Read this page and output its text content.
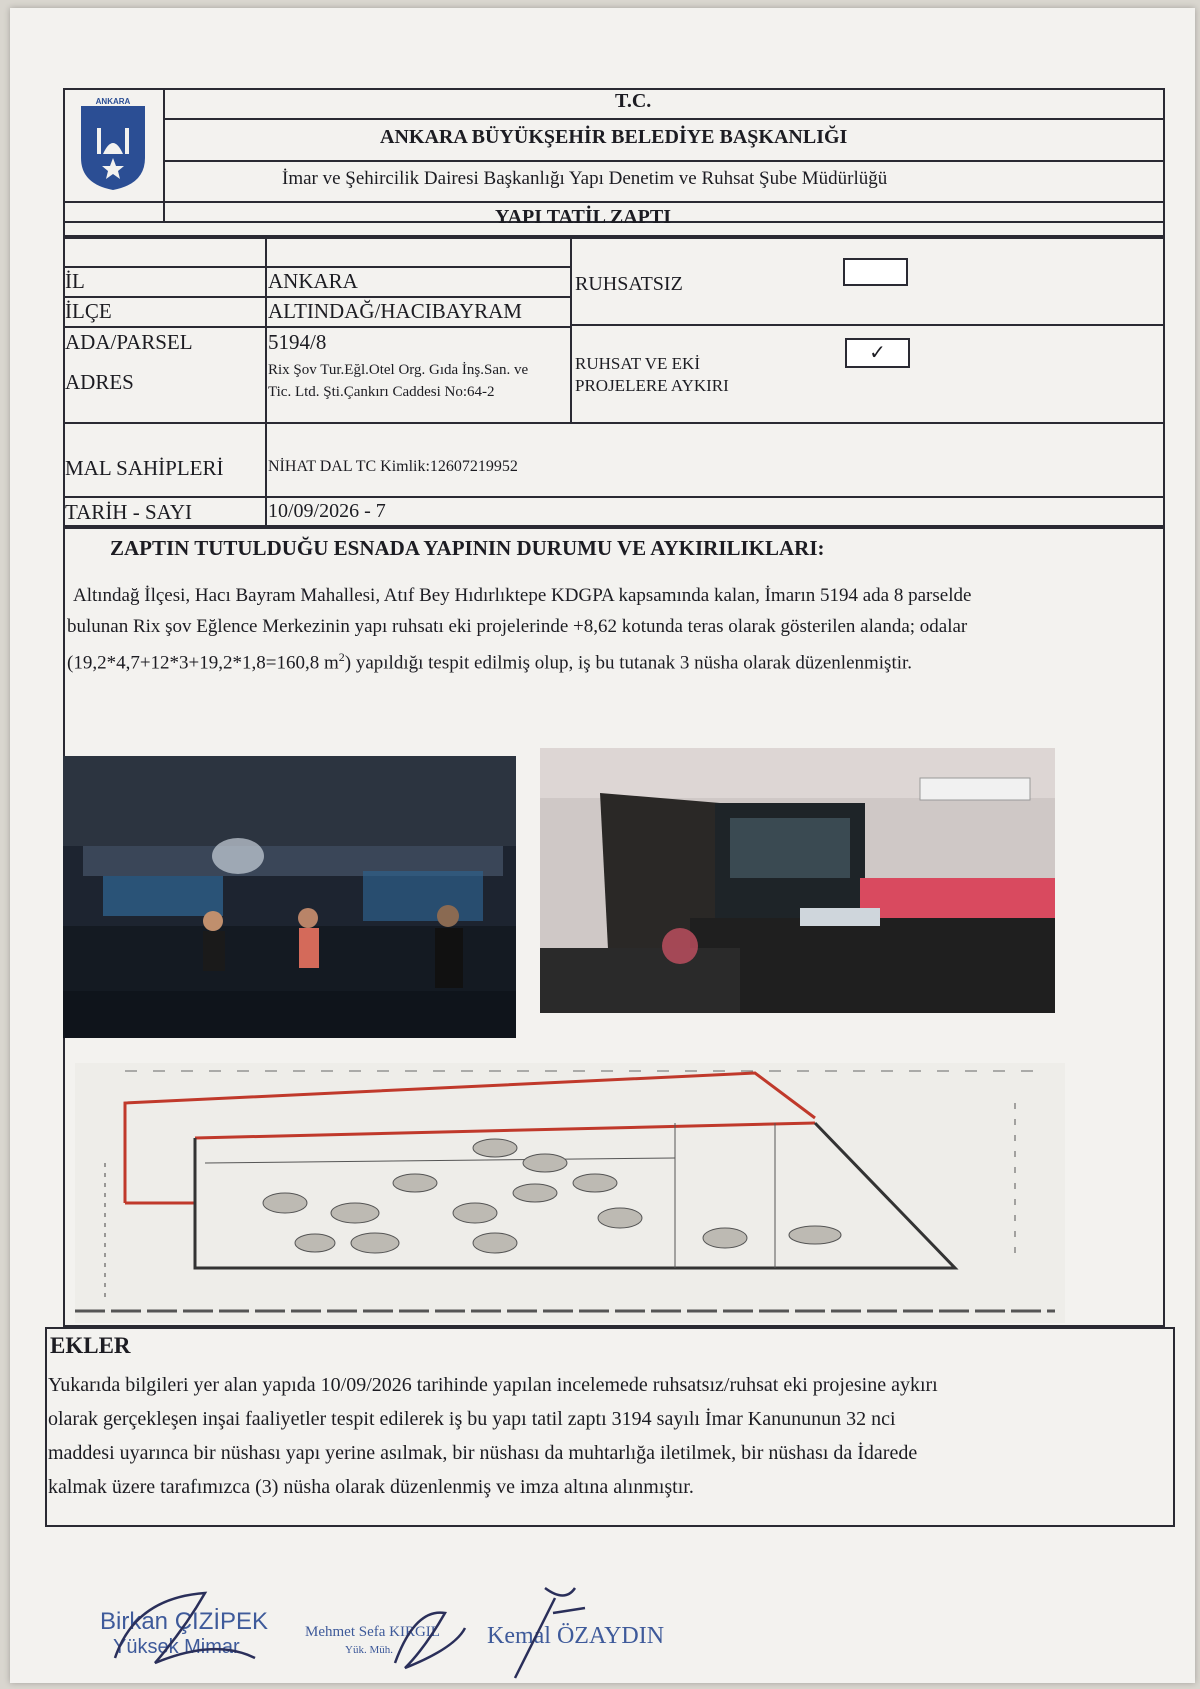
ANKARA	T.C.
ANKARA BÜYÜKŞEHİR BELEDİYE BAŞKANLIĞI
İmar ve Şehircilik Dairesi Başkanlığı Yapı Denetim ve Ruhsat Şube Müdürlüğü
YAPI TATİL ZAPTI
İL	ANKARA
İLÇE	ALTINDAĞ/HACIBAYRAM
ADA/PARSEL	5194/8
ADRES	Rix Şov Tur.Eğl.Otel Org. Gıda İnş.San. ve
Tic. Ltd. Şti.Çankırı Caddesi No:64-2
MAL SAHİPLERİ	NİHAT DAL TC Kimlik:12607219952
TARİH - SAYI	10/09/2026 - 7
RUHSATSIZ
RUHSAT VE EKİ
PROJELERE AYKIRI
✓
ZAPTIN TUTULDUĞU ESNADA YAPININ DURUMU VE AYKIRILIKLARI:
Altındağ İlçesi, Hacı Bayram Mahallesi, Atıf Bey Hıdırlıktepe KDGPA kapsamında kalan, İmarın 5194 ada 8 parselde
bulunan Rix şov Eğlence Merkezinin yapı ruhsatı eki projelerinde +8,62 kotunda teras olarak gösterilen alanda; odalar
(19,2*4,7+12*3+19,2*1,8=160,8 $m^2$) yapıldığı tespit edilmiş olup, iş bu tutanak 3 nüsha olarak düzenlenmiştir.
EKLER
Yukarıda bilgileri yer alan yapıda 10/09/2026 tarihinde yapılan incelemede ruhsatsız/ruhsat eki projesine aykırı
olarak gerçekleşen inşai faaliyetler tespit edilerek iş bu yapı tatil zaptı 3194 sayılı İmar Kanununun 32 nci
maddesi uyarınca bir nüshası yapı yerine asılmak, bir nüshası da muhtarlığa iletilmek, bir nüshası da İdarede
kalmak üzere tarafımızca (3) nüsha olarak düzenlenmiş ve imza altına alınmıştır.
Birkan ÇİZİPEK
Yüksek Mimar
Mehmet Sefa KIRGIL
Yük. Müh.
Kemal ÖZAYDIN
